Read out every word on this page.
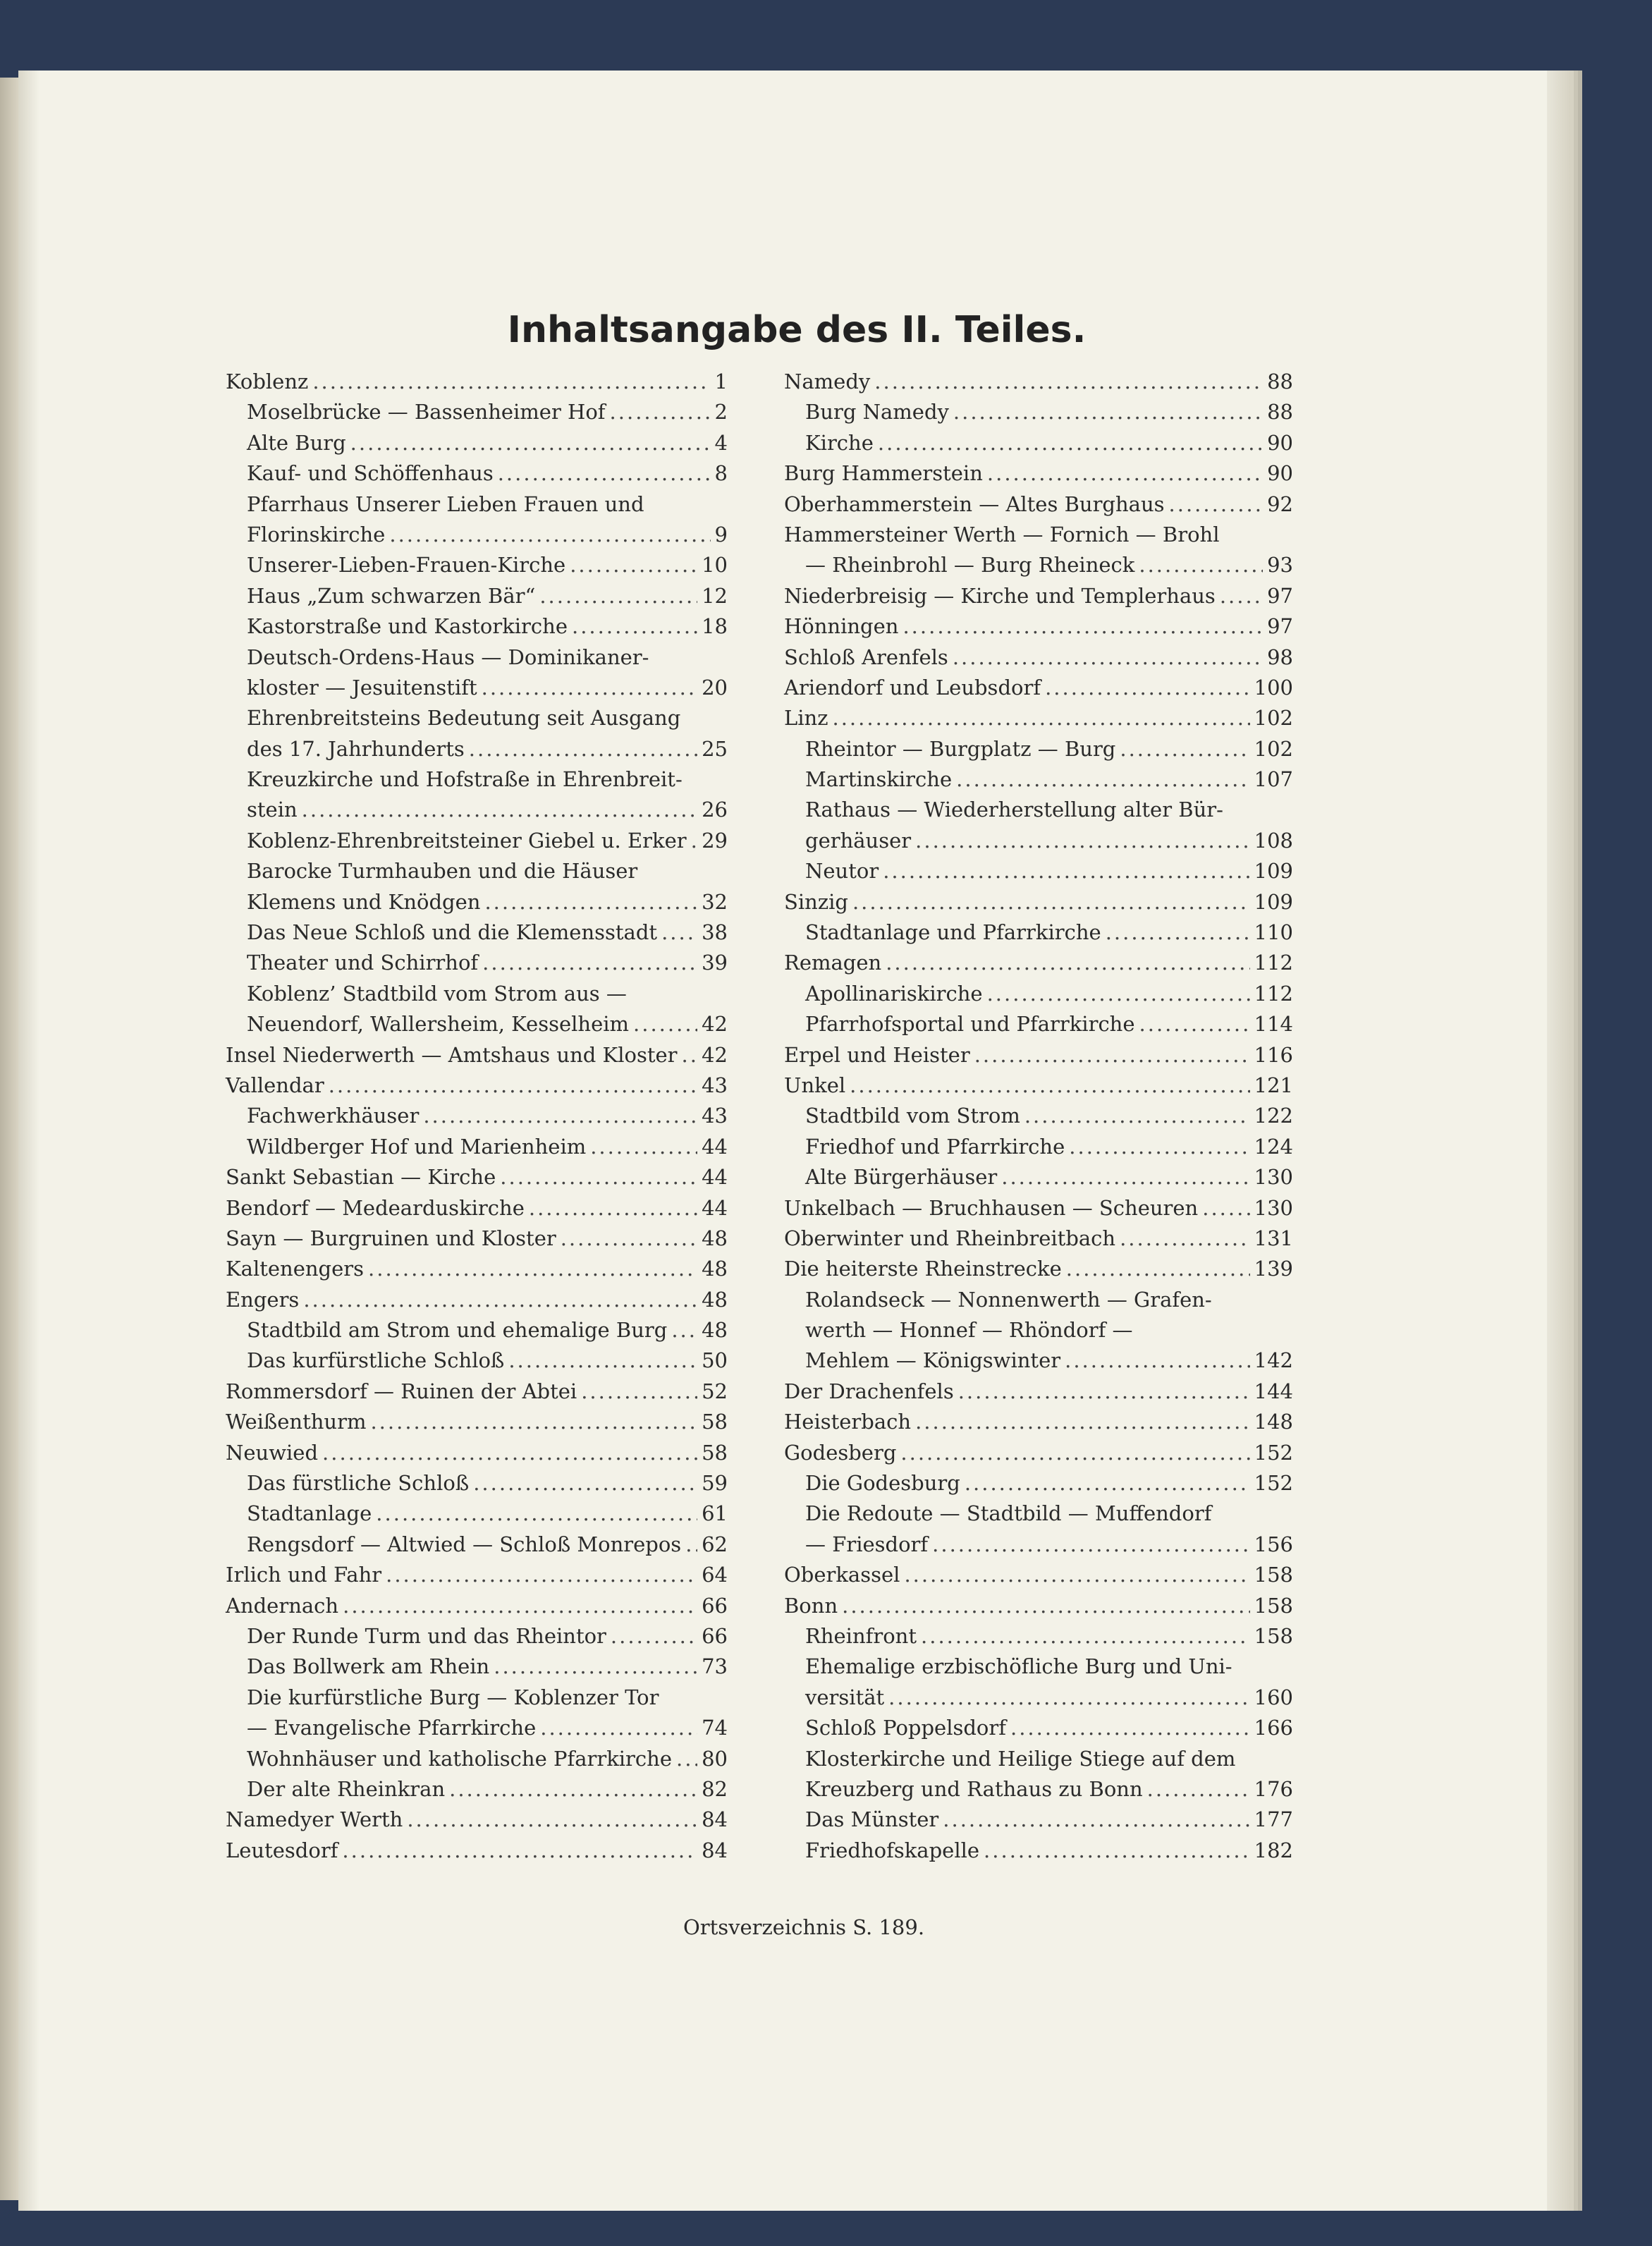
Inhaltsangabe des II. Teiles.
Koblenz .....	1
Moselbrücke — Bassenheimer Hof .....	2
Alte Burg .....	4
Kauf- und Schöffenhaus .....	8
Pfarrhaus Unserer Lieben Frauen und
Florinskirche .....	9
Unserer-Lieben-Frauen-Kirche .....	10
Haus „Zum schwarzen Bär“ .....	12
Kastorstraße und Kastorkirche .....	18
Deutsch-Ordens-Haus — Dominikaner-
kloster — Jesuitenstift .....	20
Ehrenbreitsteins Bedeutung seit Ausgang
des 17. Jahrhunderts .....	25
Kreuzkirche und Hofstraße in Ehrenbreit-
stein .....	26
Koblenz-Ehrenbreitsteiner Giebel u. Erker ..... 29
Barocke Turmhauben und die Häuser
Klemens und Knödgen .....	32
Das Neue Schloß und die Klemensstadt ..... 38
Theater und Schirrhof .....	39
Koblenz’ Stadtbild vom Strom aus —
Neuendorf, Wallersheim, Kesselheim .....	42
Insel Niederwerth — Amtshaus und Kloster ..... 42
Vallendar .....	43
Fachwerkhäuser .....	43
Wildberger Hof und Marienheim .....	44
Sankt Sebastian — Kirche .....	44
Bendorf — Medearduskirche .....	44
Sayn — Burgruinen und Kloster .....	48
Kaltenengers .....	48
Engers .....	48
Stadtbild am Strom und ehemalige Burg ..... 48
Das kurfürstliche Schloß .....	50
Rommersdorf — Ruinen der Abtei .....	52
Weißenthurm .....	58
Neuwied .....	58
Das fürstliche Schloß .....	59
Stadtanlage .....	61
Rengsdorf — Altwied — Schloß Monrepos ..... 62
Irlich und Fahr .....	64
Andernach .....	66
Der Runde Turm und das Rheintor .....	66
Das Bollwerk am Rhein .....	73
Die kurfürstliche Burg — Koblenzer Tor
— Evangelische Pfarrkirche .....	74
Wohnhäuser und katholische Pfarrkirche ..... 80
Der alte Rheinkran .....	82
Namedyer Werth .....	84
Leutesdorf .....	84
Namedy .....	88
Burg Namedy .....	88
Kirche .....	90
Burg Hammerstein .....	90
Oberhammerstein — Altes Burghaus .....	92
Hammersteiner Werth — Fornich — Brohl
— Rheinbrohl — Burg Rheineck .....	93
Niederbreisig — Kirche und Templerhaus .....	97
Hönningen .....	97
Schloß Arenfels .....	98
Ariendorf und Leubsdorf .....	100
Linz .....	102
Rheintor — Burgplatz — Burg .....	102
Martinskirche .....	107
Rathaus — Wiederherstellung alter Bür-
gerhäuser .....	108
Neutor .....	109
Sinzig .....	109
Stadtanlage und Pfarrkirche .....	110
Remagen .....	112
Apollinariskirche .....	112
Pfarrhofsportal und Pfarrkirche .....	114
Erpel und Heister .....	116
Unkel .....	121
Stadtbild vom Strom .....	122
Friedhof und Pfarrkirche .....	124
Alte Bürgerhäuser .....	130
Unkelbach — Bruchhausen — Scheuren .....	130
Oberwinter und Rheinbreitbach .....	131
Die heiterste Rheinstrecke .....	139
Rolandseck — Nonnenwerth — Grafen-
werth — Honnef — Rhöndorf —
Mehlem — Königswinter .....	142
Der Drachenfels .....	144
Heisterbach .....	148
Godesberg .....	152
Die Godesburg .....	152
Die Redoute — Stadtbild — Muffendorf
— Friesdorf .....	156
Oberkassel .....	158
Bonn .....	158
Rheinfront .....	158
Ehemalige erzbischöfliche Burg und Uni-
versität .....	160
Schloß Poppelsdorf .....	166
Klosterkirche und Heilige Stiege auf dem
Kreuzberg und Rathaus zu Bonn .....	176
Das Münster .....	177
Friedhofskapelle .....	182

Ortsverzeichnis S. 189.
